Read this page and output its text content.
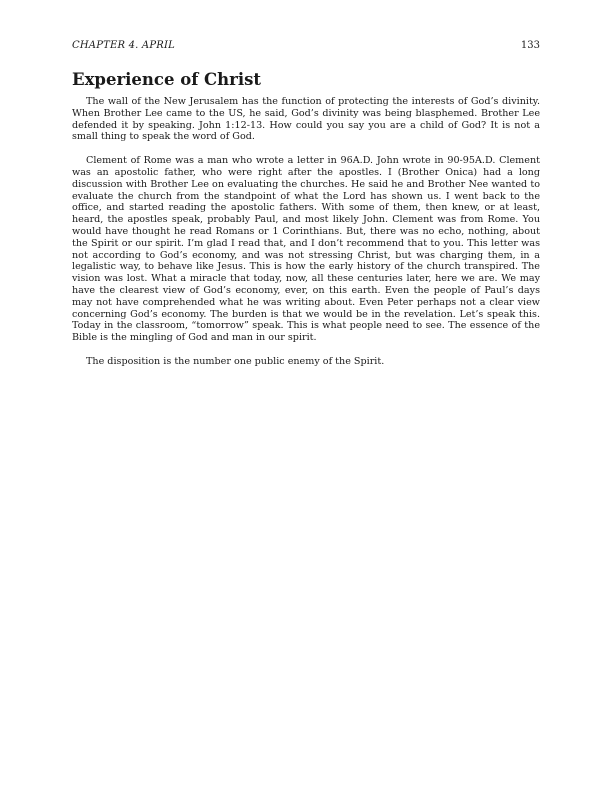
CHAPTER 4. APRIL	133
Experience of Christ

The wall of the New Jerusalem has the function of protecting the interests of God’s divinity. When Brother Lee came to the US, he said, God’s divinity was being blasphemed. Brother Lee defended it by speaking. John 1:12-13. How could you say you are a child of God? It is not a small thing to speak the word of God.

Clement of Rome was a man who wrote a letter in 96A.D. John wrote in 90-95A.D. Clement was an apostolic father, who were right after the apostles. I (Brother Onica) had a long discussion with Brother Lee on evaluating the churches. He said he and Brother Nee wanted to evaluate the church from the standpoint of what the Lord has shown us. I went back to the office, and started reading the apostolic fathers. With some of them, then knew, or at least, heard, the apostles speak, probably Paul, and most likely John. Clement was from Rome. You would have thought he read Romans or 1 Corinthians. But, there was no echo, nothing, about the Spirit or our spirit. I’m glad I read that, and I don’t recommend that to you. This letter was not according to God’s economy, and was not stressing Christ, but was charging them, in a legalistic way, to behave like Jesus. This is how the early history of the church transpired. The vision was lost. What a miracle that today, now, all these centuries later, here we are. We may have the clearest view of God’s economy, ever, on this earth. Even the people of Paul’s days may not have comprehended what he was writing about. Even Peter perhaps not a clear view concerning God’s economy. The burden is that we would be in the revelation. Let’s speak this. Today in the classroom, “tomorrow” speak. This is what people need to see. The essence of the Bible is the mingling of God and man in our spirit.

The disposition is the number one public enemy of the Spirit.
